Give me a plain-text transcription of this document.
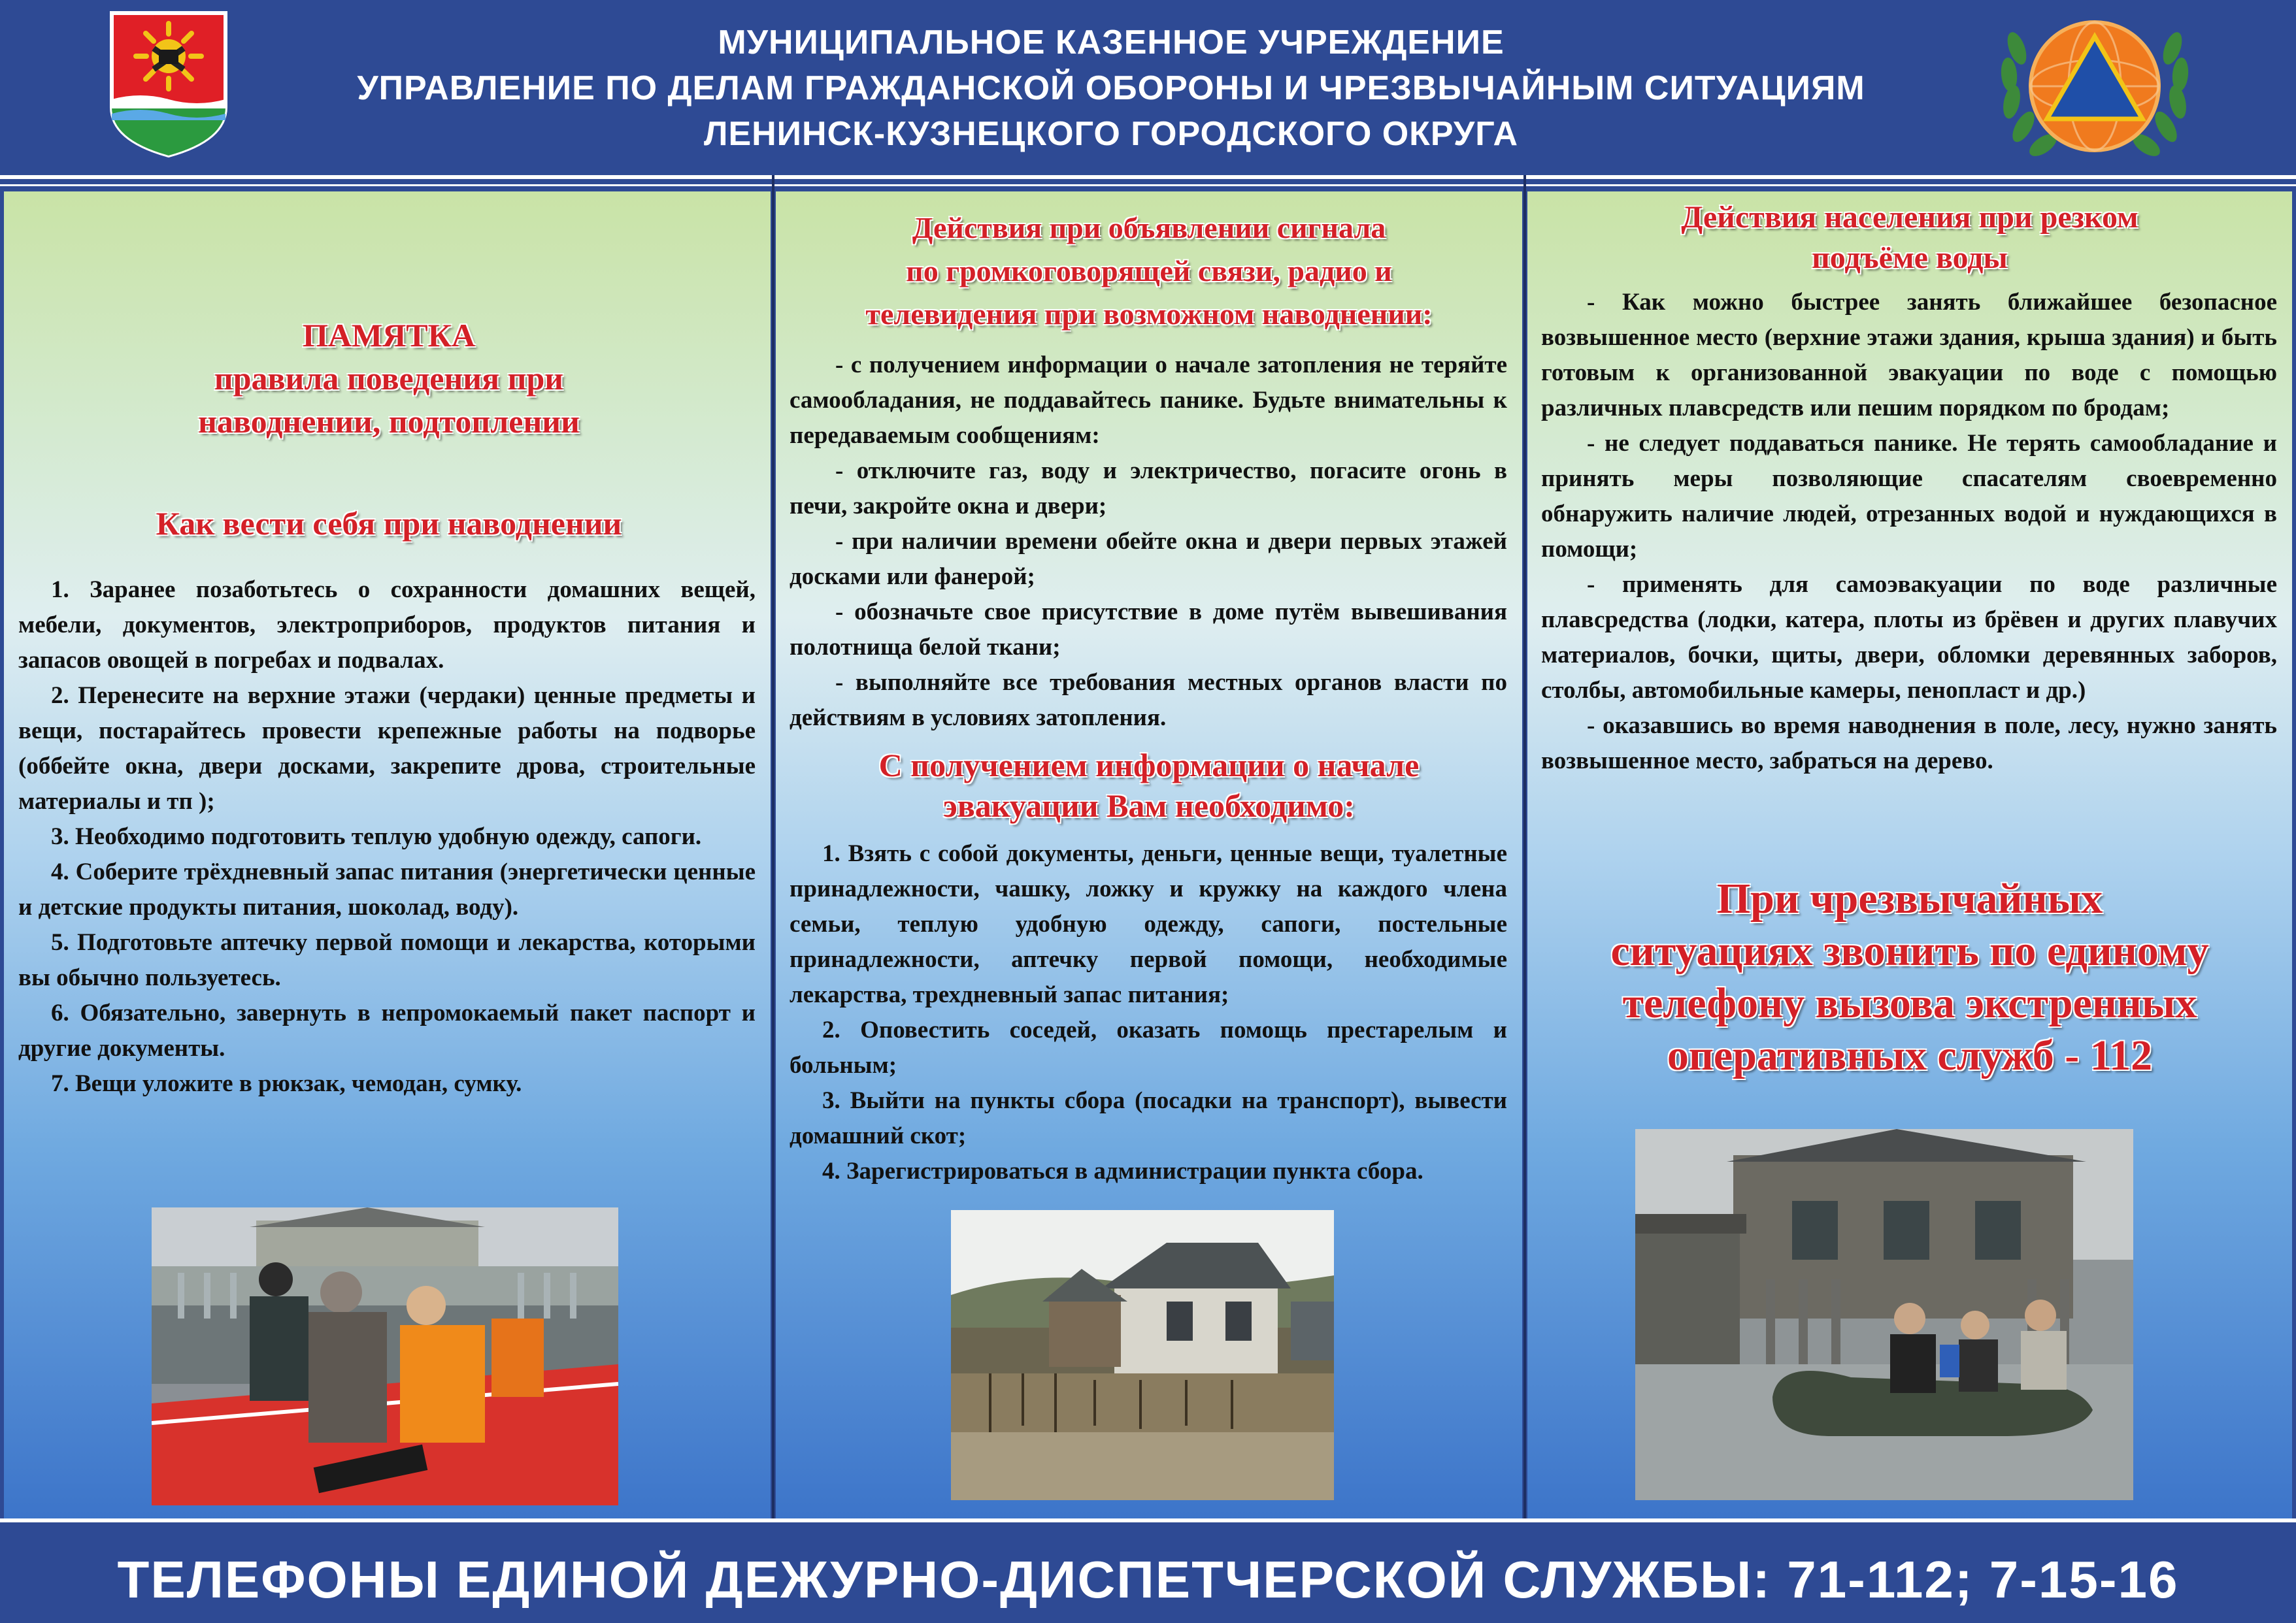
МУНИЦИПАЛЬНОЕ КАЗЕННОЕ УЧРЕЖДЕНИЕ
УПРАВЛЕНИЕ ПО ДЕЛАМ ГРАЖДАНСКОЙ ОБОРОНЫ И ЧРЕЗВЫЧАЙНЫМ СИТУАЦИЯМ
ЛЕНИНСК-КУЗНЕЦКОГО ГОРОДСКОГО ОКРУГА
ПАМЯТКА
правила поведения при
наводнении, подтоплении
Как вести себя при наводнении

1. Заранее позаботьтесь о сохранности домашних вещей, мебели, документов, электроприборов, продуктов питания и запасов овощей в погребах и подвалах.

2. Перенесите на верхние этажи (чердаки) ценные предметы и вещи, постарайтесь провести крепежные работы на подворье (оббейте окна, двери досками, закрепите дрова, строительные материалы и тп );

3. Необходимо подготовить теплую удобную одежду, сапоги.

4. Соберите трёхдневный запас питания (энергетически ценные и детские продукты питания, шоколад, воду).

5. Подготовьте аптечку первой помощи и лекарства, которыми вы обычно пользуетесь.

6. Обязательно, завернуть в непромокаемый пакет паспорт и другие документы.

7. Вещи уложите в рюкзак, чемодан, сумку.

Действия при объявлении сигнала
по громкоговорящей связи, радио и
телевидения при возможном наводнении:

- с получением информации о начале затопления не теряйте самообладания, не поддавайтесь панике. Будьте внимательны к передаваемым сообщениям:

- отключите газ, воду и электричество, погасите огонь в печи, закройте окна и двери;

- при наличии времени обейте окна и двери первых этажей досками или фанерой;

- обозначьте свое присутствие в доме путём вывешивания полотнища белой ткани;

- выполняйте все требования местных органов власти по действиям в условиях затопления.

С получением информации о начале
эвакуации Вам необходимо:

1. Взять с собой документы, деньги, ценные вещи, туалетные принадлежности, чашку, ложку и кружку на каждого члена семьи, теплую удобную одежду, сапоги, постельные принадлежности, аптечку первой помощи, необходимые лекарства, трехдневный запас питания;

2. Оповестить соседей, оказать помощь престарелым и больным;

3. Выйти на пункты сбора (посадки на транспорт), вывести домашний скот;

4. Зарегистрироваться в администрации пункта сбора.

Действия населения при резком
подъёме воды

- Как можно быстрее занять ближайшее безопасное возвышенное место (верхние этажи здания, крыша здания) и быть готовым к организованной эвакуации по воде с помощью различных плавсредств или пешим порядком по бродам;

- не следует поддаваться панике. Не терять самообладание и принять меры позволяющие спасателям своевременно обнаружить наличие людей, отрезанных водой и нуждающихся в помощи;

- применять для самоэвакуации по воде различные плавсредства (лодки, катера, плоты из брёвен и других плавучих материалов, бочки, щиты, двери, обломки деревянных заборов, столбы, автомобильные камеры, пенопласт и др.)

- оказавшись во время наводнения в поле, лесу, нужно занять возвышенное место, забраться на дерево.

При чрезвычайных
ситуациях звонить по единому
телефону вызова экстренных
оперативных служб - 112
ТЕЛЕФОНЫ ЕДИНОЙ ДЕЖУРНО-ДИСПЕТЧЕРСКОЙ СЛУЖБЫ: 71-112; 7-15-16
